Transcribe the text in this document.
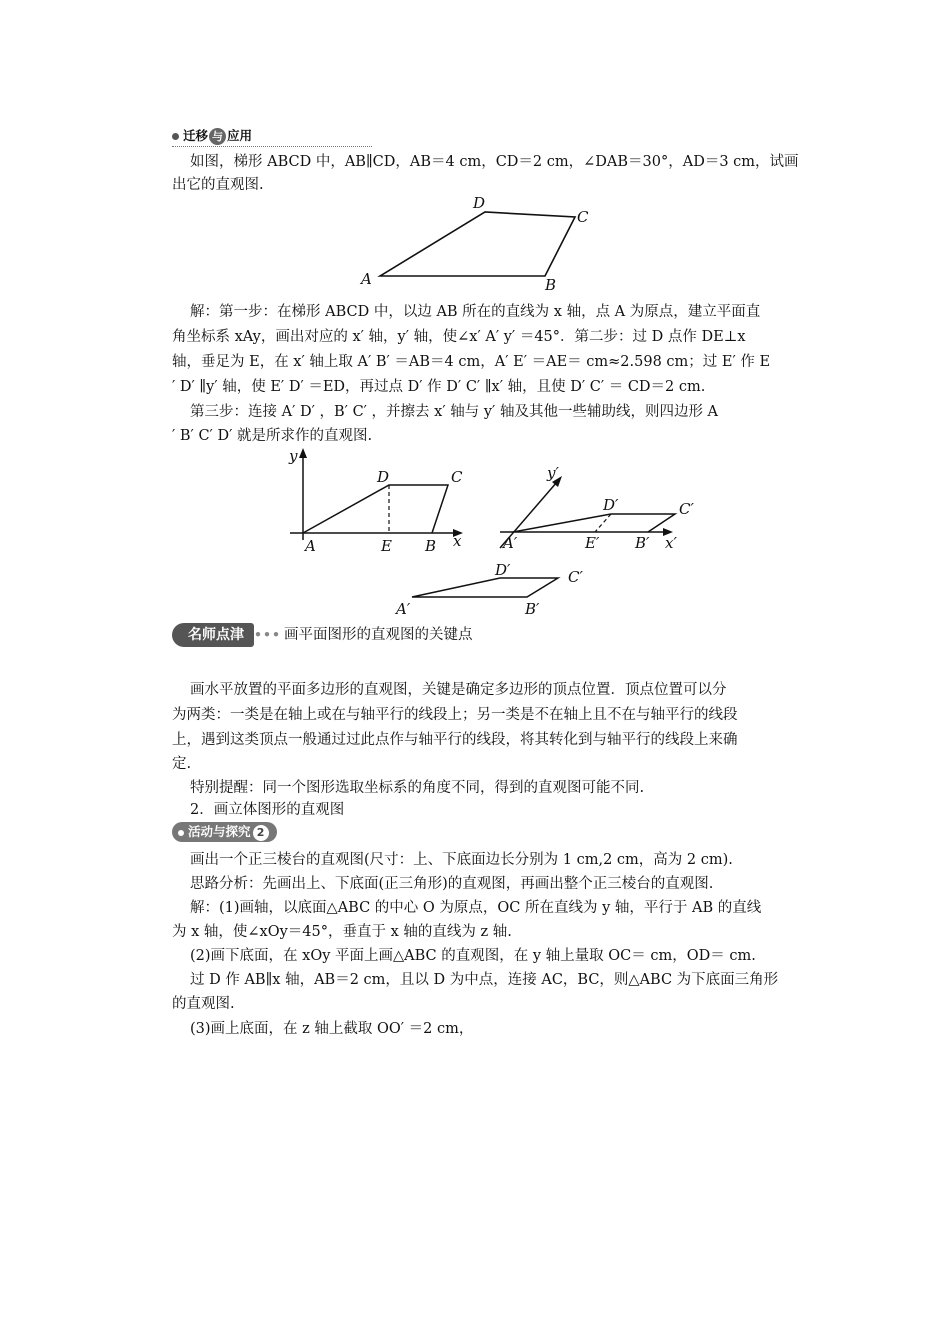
迁移 与 应用
如图，梯形 ABCD 中，AB∥CD，AB＝4 cm，CD＝2 cm，∠DAB＝30°，AD＝3 cm，试画
出它的直观图.
D
C
A	B
解：第一步：在梯形 ABCD 中，以边 AB 所在的直线为 x 轴，点 A 为原点，建立平面直
角坐标系 xAy，画出对应的 x′ 轴，y′ 轴，使∠x′ A′ y′ ＝45°．第二步：过 D 点作 DE⊥x
轴，垂足为 E，在 x′ 轴上取 A′ B′ ＝AB＝4 cm，A′ E′ ＝AE＝ cm≈2.598 cm；过 E′ 作 E
′ D′ ∥y′ 轴，使 E′ D′ ＝ED，再过点 D′ 作 D′ C′ ∥x′ 轴，且使 D′ C′ ＝ CD＝2 cm.
第三步：连接 A′ D′ ，B′ C′ ，并擦去 x′ 轴与 y′ 轴及其他一些辅助线，则四边形 A
′ B′ C′ D′ 就是所求作的直观图.
y
D	C
A	E B x
y′
D′	C′
A′	E′ B′ x′
D′	C′
A′	B′
名师点津 ••• 画平面图形的直观图的关键点
画水平放置的平面多边形的直观图，关键是确定多边形的顶点位置．顶点位置可以分
为两类：一类是在轴上或在与轴平行的线段上；另一类是不在轴上且不在与轴平行的线段
上，遇到这类顶点一般通过过此点作与轴平行的线段，将其转化到与轴平行的线段上来确
定.
特别提醒：同一个图形选取坐标系的角度不同，得到的直观图可能不同.
2．画立体图形的直观图
活动与探究 2
画出一个正三棱台的直观图(尺寸：上、下底面边长分别为 1 cm,2 cm，高为 2 cm).
思路分析：先画出上、下底面(正三角形)的直观图，再画出整个正三棱台的直观图.
解：(1)画轴，以底面△ABC 的中心 O 为原点，OC 所在直线为 y 轴，平行于 AB 的直线
为 x 轴，使∠xOy＝45°，垂直于 x 轴的直线为 z 轴.
(2)画下底面，在 xOy 平面上画△ABC 的直观图，在 y 轴上量取 OC＝ cm，OD＝ cm.
过 D 作 AB∥x 轴，AB＝2 cm，且以 D 为中点，连接 AC，BC，则△ABC 为下底面三角形
的直观图.
(3)画上底面，在 z 轴上截取 OO′ ＝2 cm，
